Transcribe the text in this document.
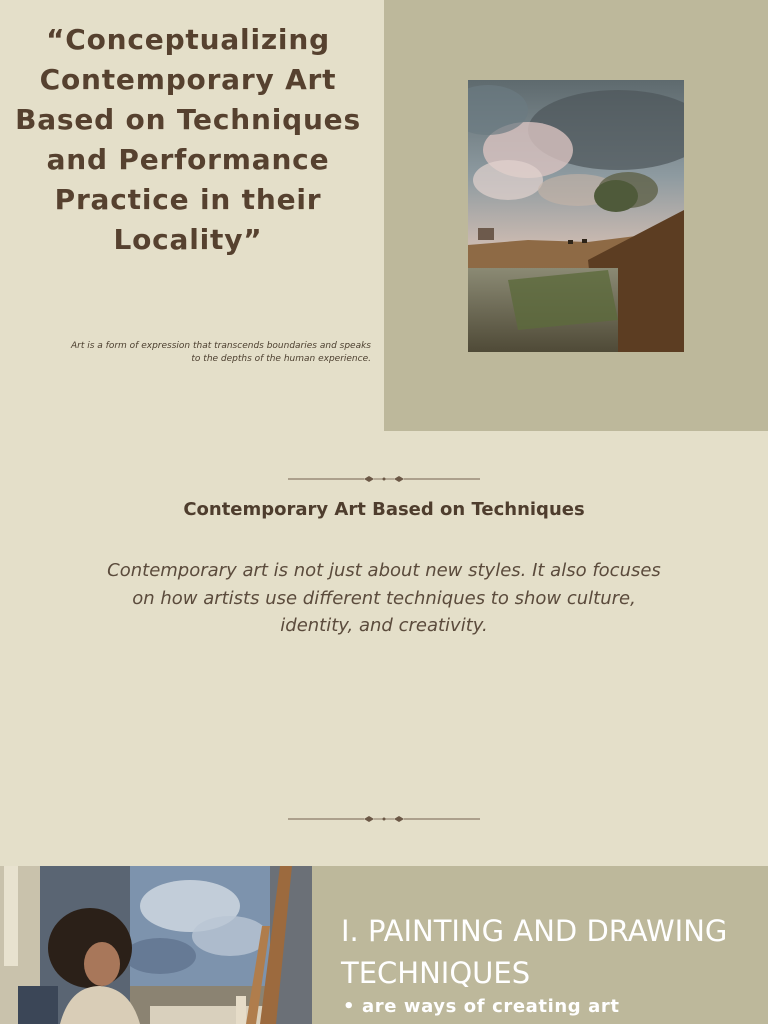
“Conceptualizing Contemporary Art Based on Techniques and Performance Practice in their Locality”
Art is a form of expression that transcends boundaries and speaks to the depths of the human experience.
Contemporary Art Based on Techniques
Contemporary art is not just about new styles. It also focuses on how artists use different techniques to show culture, identity, and creativity.
I. PAINTING AND DRAWING TECHNIQUES
• are ways of creating art
